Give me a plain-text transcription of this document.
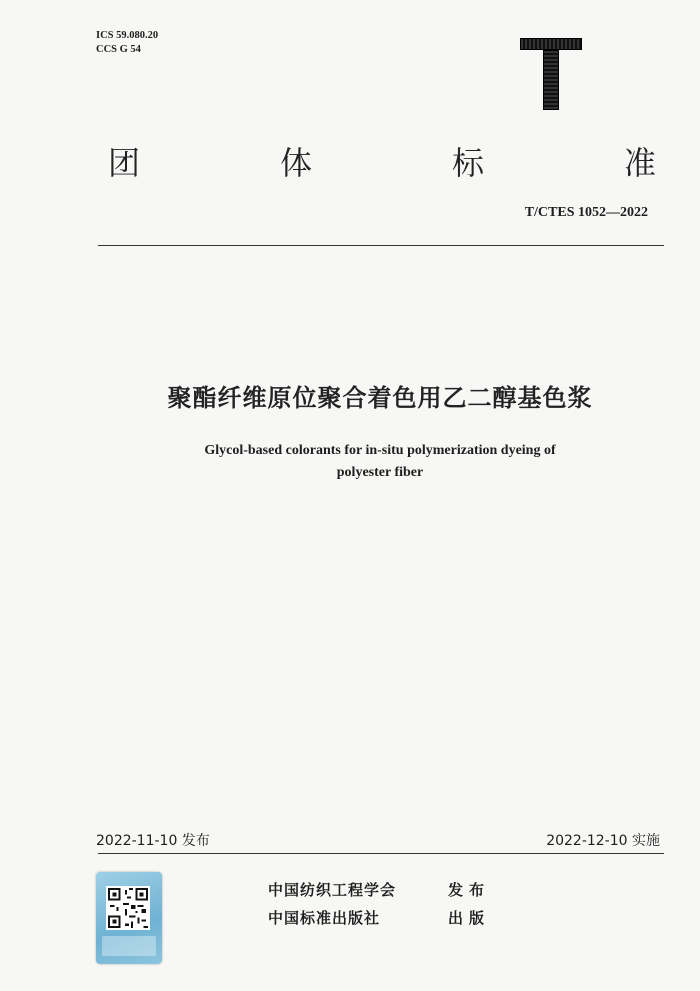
ICS 59.080.20
CCS G 54
团	体	标	准
T/CTES 1052—2022
聚酯纤维原位聚合着色用乙二醇基色浆
Glycol-based colorants for in-situ polymerization dyeing of
polyester fiber
2022-11-10 发布	2022-12-10 实施
中国纺织工程学会	发布
中国标准出版社	出版
